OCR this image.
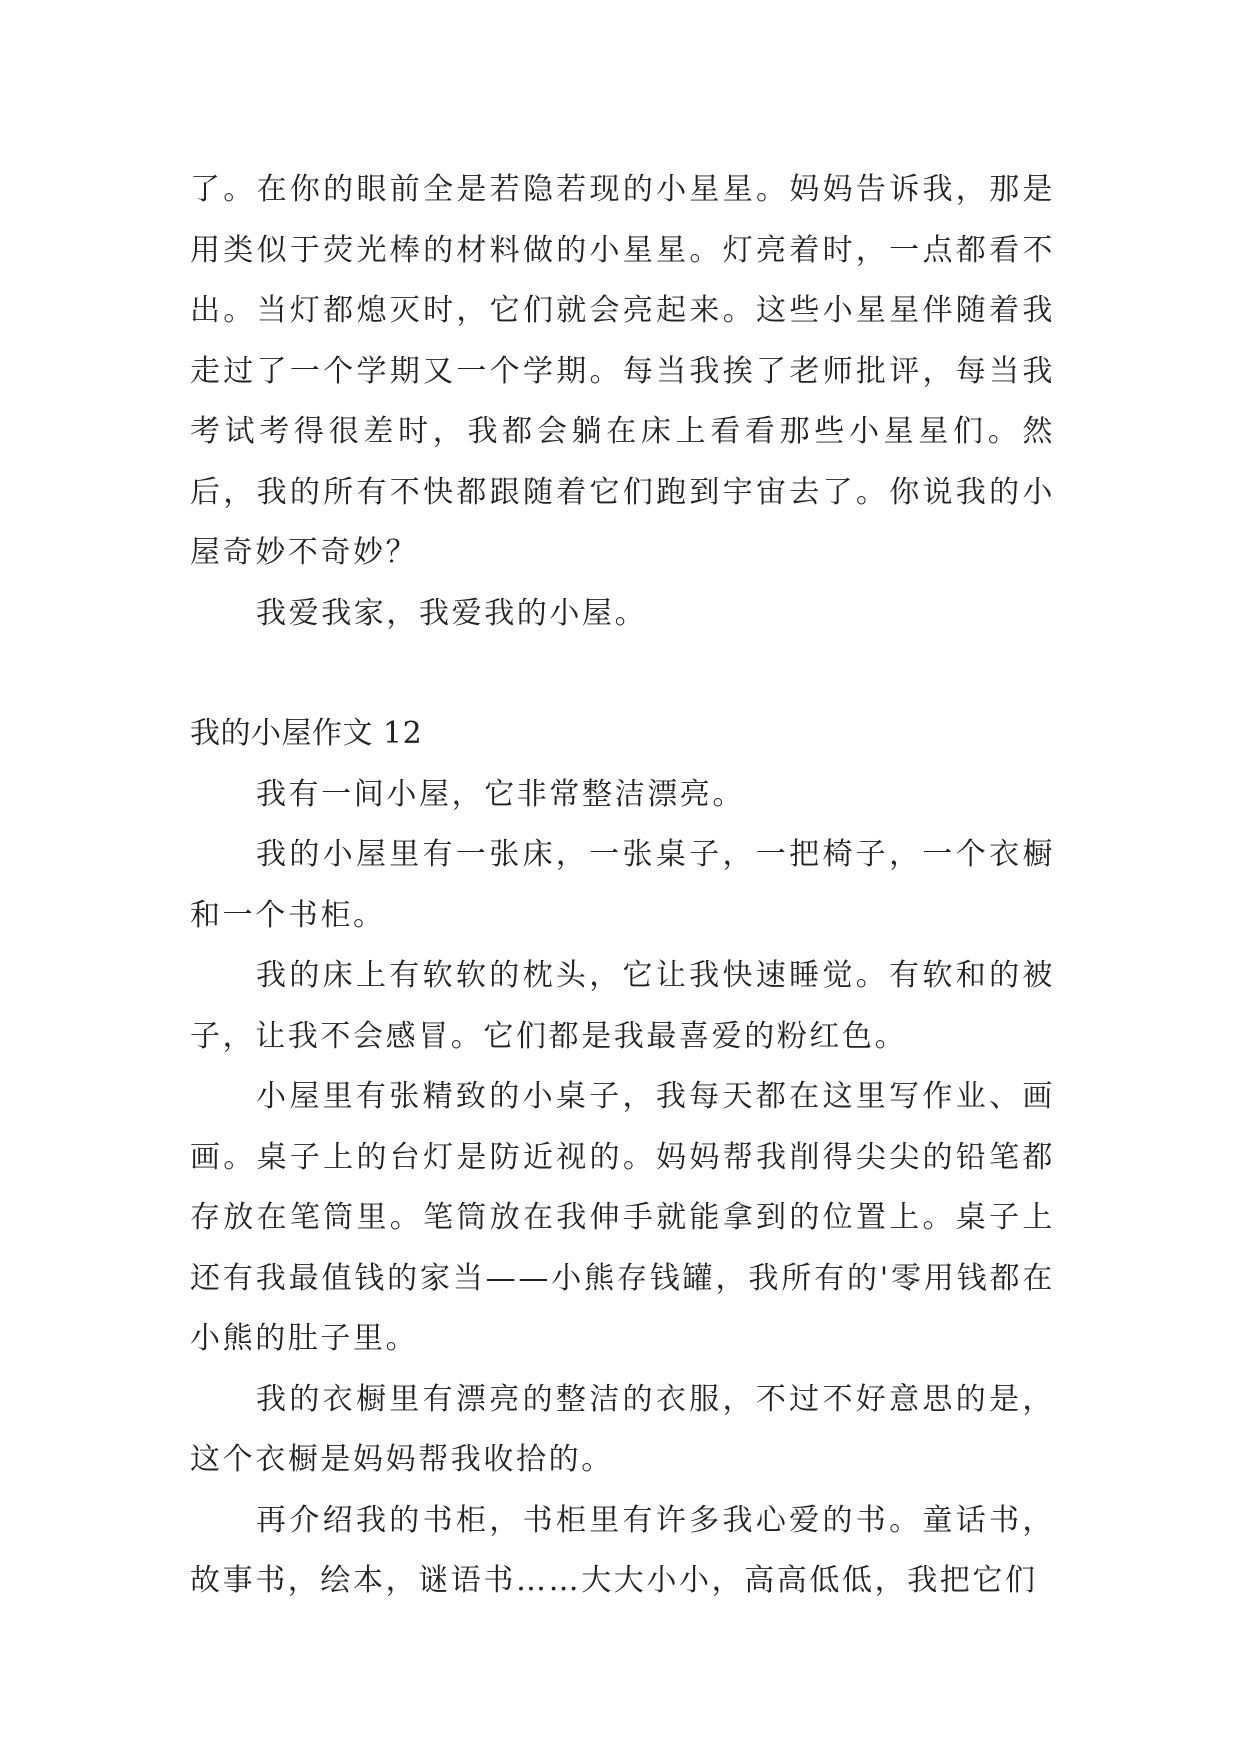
了。在你的眼前全是若隐若现的小星星。妈妈告诉我，那是用类似于荧光棒的材料做的小星星。灯亮着时，一点都看不出。当灯都熄灭时，它们就会亮起来。这些小星星伴随着我走过了一个学期又一个学期。每当我挨了老师批评，每当我考试考得很差时，我都会躺在床上看看那些小星星们。然后，我的所有不快都跟随着它们跑到宇宙去了。你说我的小屋奇妙不奇妙？

我爱我家，我爱我的小屋。

我的小屋作文 12

我有一间小屋，它非常整洁漂亮。

我的小屋里有一张床，一张桌子，一把椅子，一个衣橱和一个书柜。

我的床上有软软的枕头，它让我快速睡觉。有软和的被子，让我不会感冒。它们都是我最喜爱的粉红色。

小屋里有张精致的小桌子，我每天都在这里写作业、画画。桌子上的台灯是防近视的。妈妈帮我削得尖尖的铅笔都存放在笔筒里。笔筒放在我伸手就能拿到的位置上。桌子上还有我最值钱的家当——小熊存钱罐，我所有的'零用钱都在小熊的肚子里。

我的衣橱里有漂亮的整洁的衣服，不过不好意思的是，这个衣橱是妈妈帮我收拾的。

再介绍我的书柜，书柜里有许多我心爱的书。童话书，故事书，绘本，谜语书……大大小小，高高低低，我把它们
